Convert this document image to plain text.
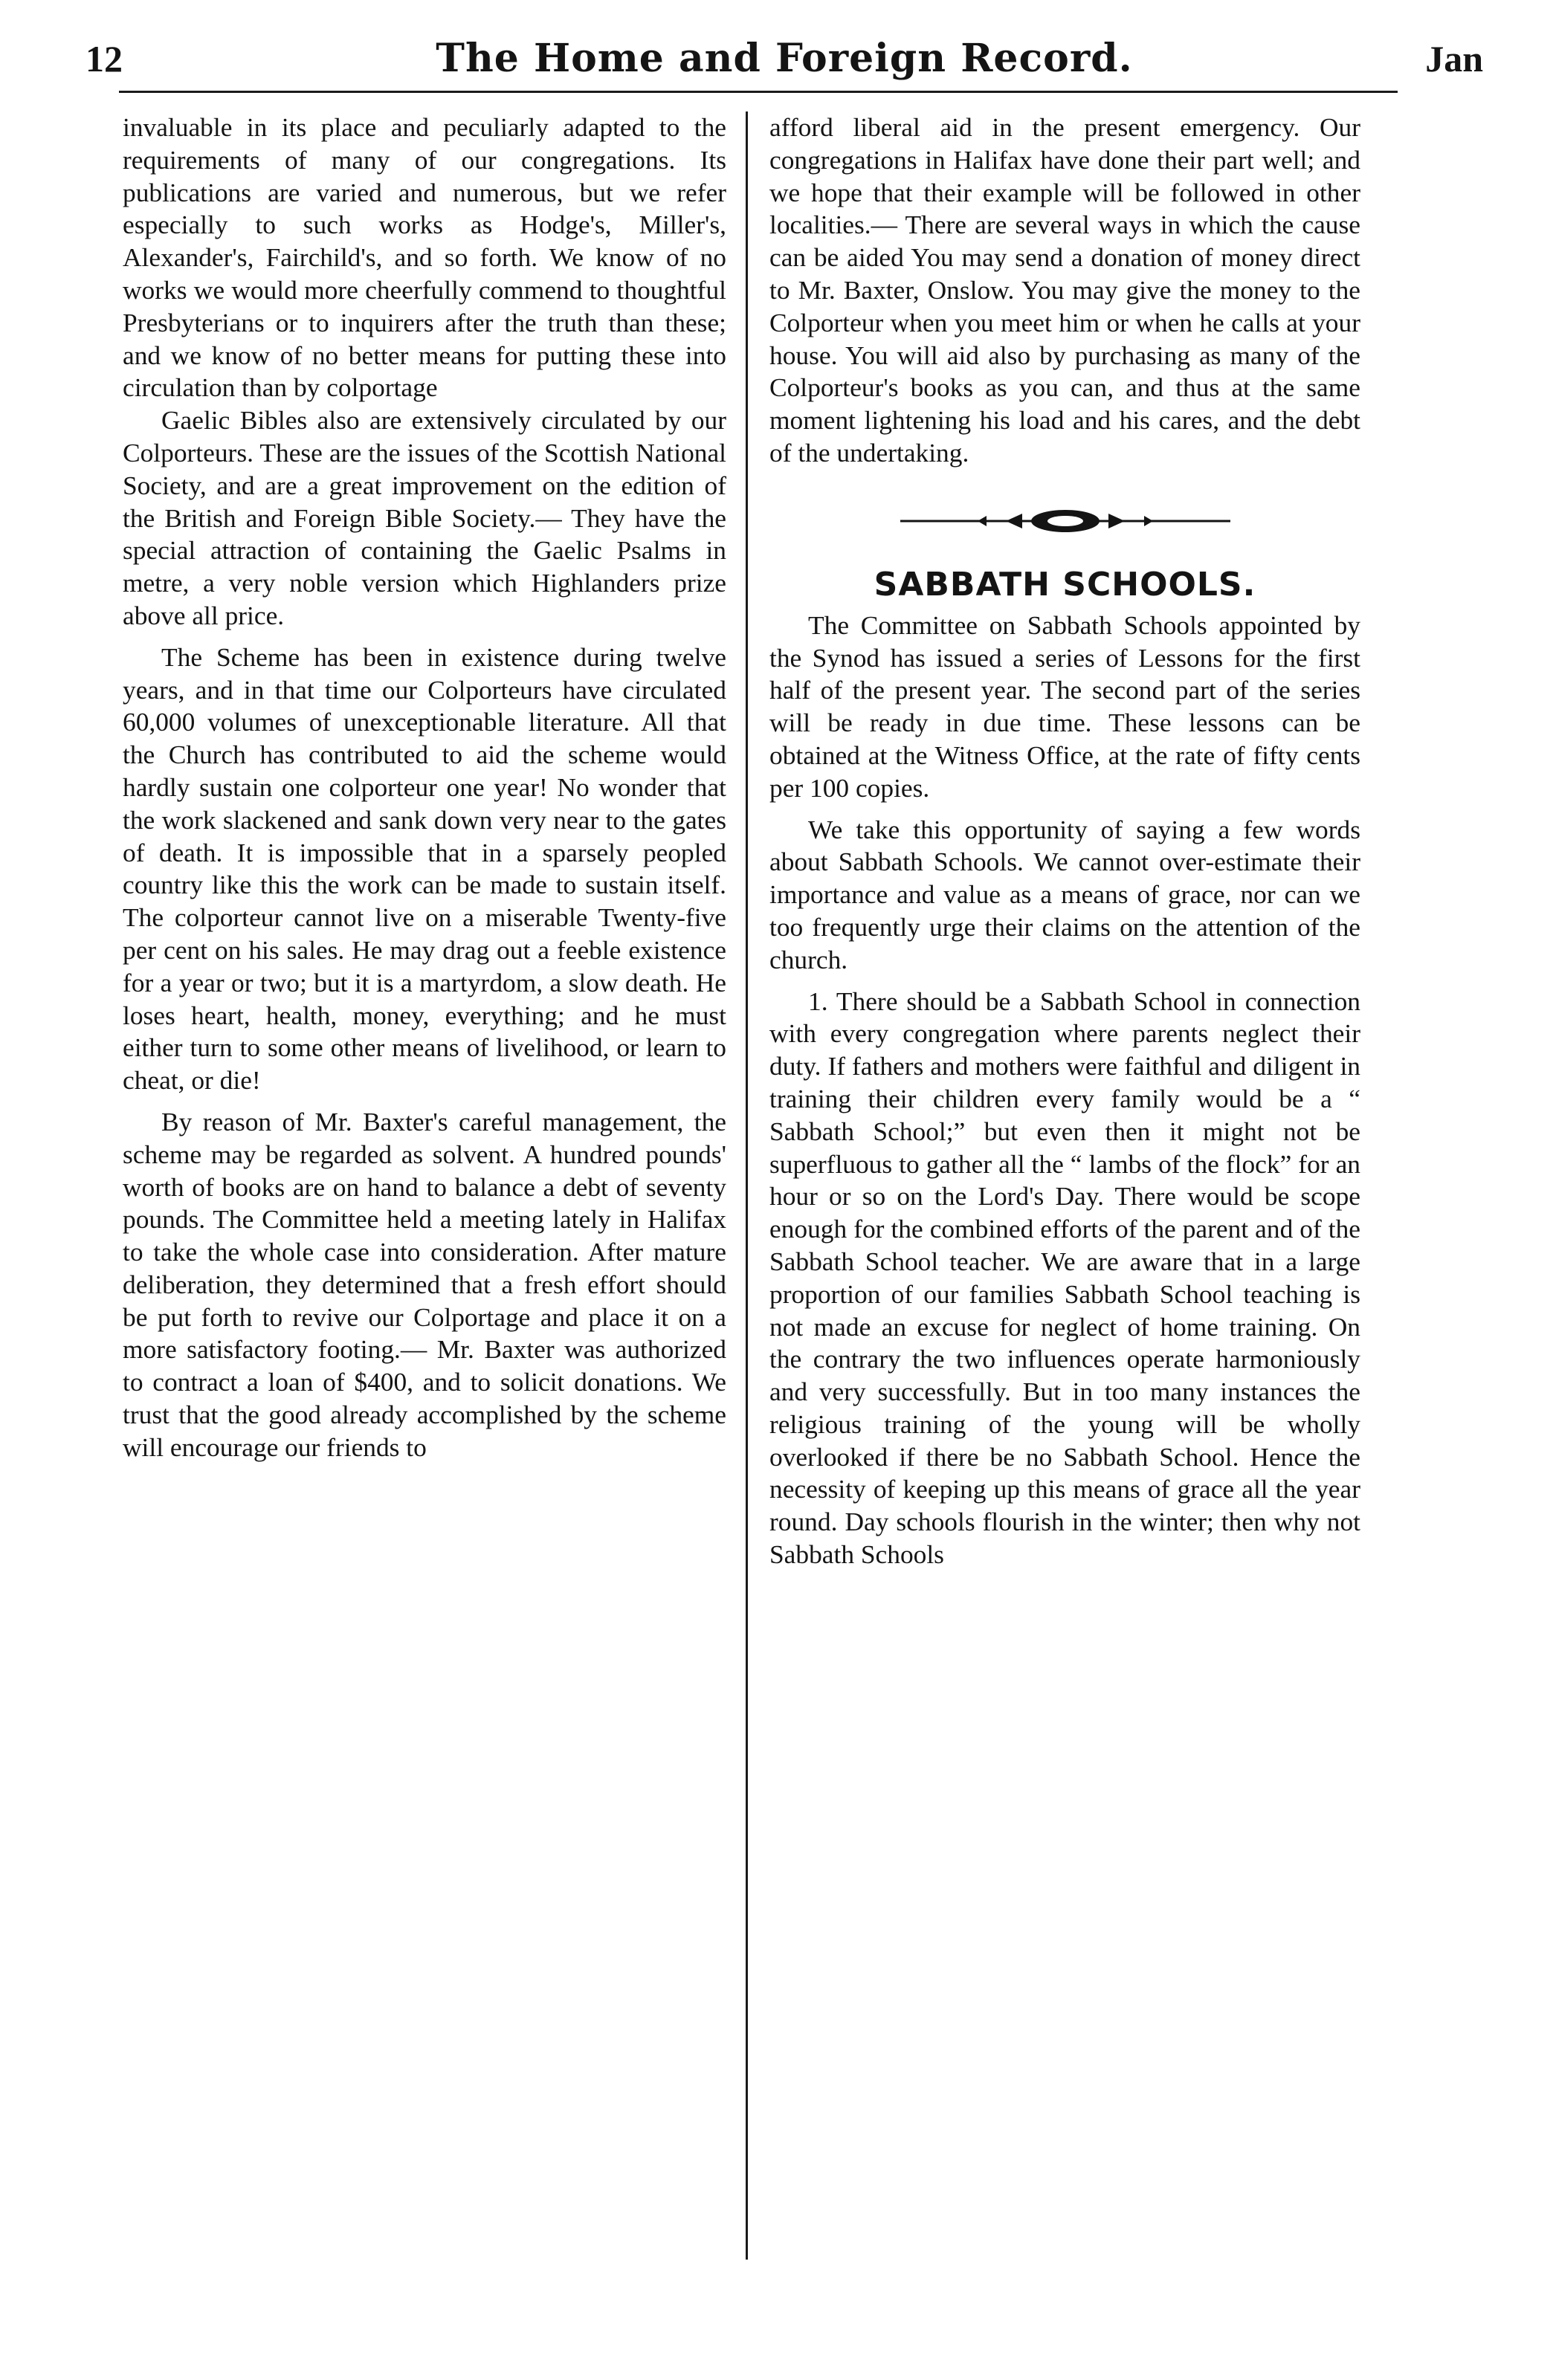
12	The Home and Foreign Record.	Jan

invaluable in its place and peculiarly adapted to the requirements of many of our congregations. Its publications are varied and numerous, but we refer especially to such works as Hodge's, Miller's, Alexander's, Fairchild's, and so forth. We know of no works we would more cheerfully commend to thoughtful Presbyterians or to inquirers after the truth than these; and we know of no better means for putting these into circulation than by colportage

Gaelic Bibles also are extensively circulated by our Colporteurs. These are the issues of the Scottish National Society, and are a great improvement on the edition of the British and Foreign Bible Society.— They have the special attraction of containing the Gaelic Psalms in metre, a very noble version which Highlanders prize above all price.

The Scheme has been in existence during twelve years, and in that time our Colporteurs have circulated 60,000 volumes of unexceptionable literature. All that the Church has contributed to aid the scheme would hardly sustain one colporteur one year! No wonder that the work slackened and sank down very near to the gates of death. It is impossible that in a sparsely peopled country like this the work can be made to sustain itself. The colporteur cannot live on a miserable Twenty-five per cent on his sales. He may drag out a feeble existence for a year or two; but it is a martyrdom, a slow death. He loses heart, health, money, everything; and he must either turn to some other means of livelihood, or learn to cheat, or die!

By reason of Mr. Baxter's careful management, the scheme may be regarded as solvent. A hundred pounds' worth of books are on hand to balance a debt of seventy pounds. The Committee held a meeting lately in Halifax to take the whole case into consideration. After mature deliberation, they determined that a fresh effort should be put forth to revive our Colportage and place it on a more satisfactory footing.— Mr. Baxter was authorized to contract a loan of $400, and to solicit donations. We trust that the good already accomplished by the scheme will encourage our friends to

afford liberal aid in the present emergency. Our congregations in Halifax have done their part well; and we hope that their example will be followed in other localities.— There are several ways in which the cause can be aided You may send a donation of money direct to Mr. Baxter, Onslow. You may give the money to the Colporteur when you meet him or when he calls at your house. You will aid also by purchasing as many of the Colporteur's books as you can, and thus at the same moment lightening his load and his cares, and the debt of the undertaking.

SABBATH SCHOOLS.

The Committee on Sabbath Schools appointed by the Synod has issued a series of Lessons for the first half of the present year. The second part of the series will be ready in due time. These lessons can be obtained at the Witness Office, at the rate of fifty cents per 100 copies.

We take this opportunity of saying a few words about Sabbath Schools. We cannot over-estimate their importance and value as a means of grace, nor can we too frequently urge their claims on the attention of the church.

1. There should be a Sabbath School in connection with every congregation where parents neglect their duty. If fathers and mothers were faithful and diligent in training their children every family would be a “ Sabbath School;” but even then it might not be superfluous to gather all the “ lambs of the flock” for an hour or so on the Lord's Day. There would be scope enough for the combined efforts of the parent and of the Sabbath School teacher. We are aware that in a large proportion of our families Sabbath School teaching is not made an excuse for neglect of home training. On the contrary the two influences operate harmoniously and very successfully. But in too many instances the religious training of the young will be wholly overlooked if there be no Sabbath School. Hence the necessity of keeping up this means of grace all the year round. Day schools flourish in the winter; then why not Sabbath Schools
